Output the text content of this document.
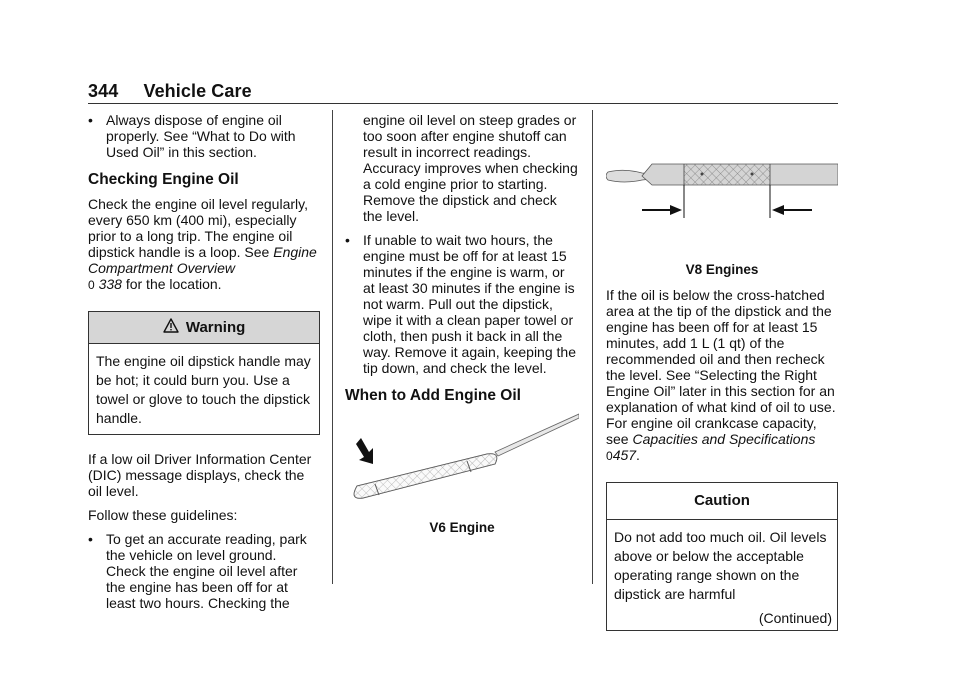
344 Vehicle Care
• Always dispose of engine oil properly. See “What to Do with Used Oil” in this section.
Checking Engine Oil

Check the engine oil level regularly, every 650 km (400 mi), especially prior to a long trip. The engine oil dipstick handle is a loop. See Engine Compartment Overview
0 338 for the location.

Warning
The engine oil dipstick handle may be hot; it could burn you. Use a towel or glove to touch the dipstick handle.

If a low oil Driver Information Center (DIC) message displays, check the oil level.

Follow these guidelines:

• To get an accurate reading, park the vehicle on level ground. Check the engine oil level after the engine has been off for at least two hours. Checking the

engine oil level on steep grades or too soon after engine shutoff can result in incorrect readings. Accuracy improves when checking a cold engine prior to starting. Remove the dipstick and check the level.

• If unable to wait two hours, the engine must be off for at least 15 minutes if the engine is warm, or at least 30 minutes if the engine is not warm. Pull out the dipstick, wipe it with a clean paper towel or cloth, then push it back in all the way. Remove it again, keeping the tip down, and check the level.
When to Add Engine Oil
V6 Engine
V8 Engines

If the oil is below the cross-hatched area at the tip of the dipstick and the engine has been off for at least 15 minutes, add 1 L (1 qt) of the recommended oil and then recheck the level. See “Selecting the Right Engine Oil” later in this section for an explanation of what kind of oil to use. For engine oil crankcase capacity, see Capacities and Specifications 0457.

Caution
Do not add too much oil. Oil levels above or below the acceptable operating range shown on the dipstick are harmful
(Continued)
